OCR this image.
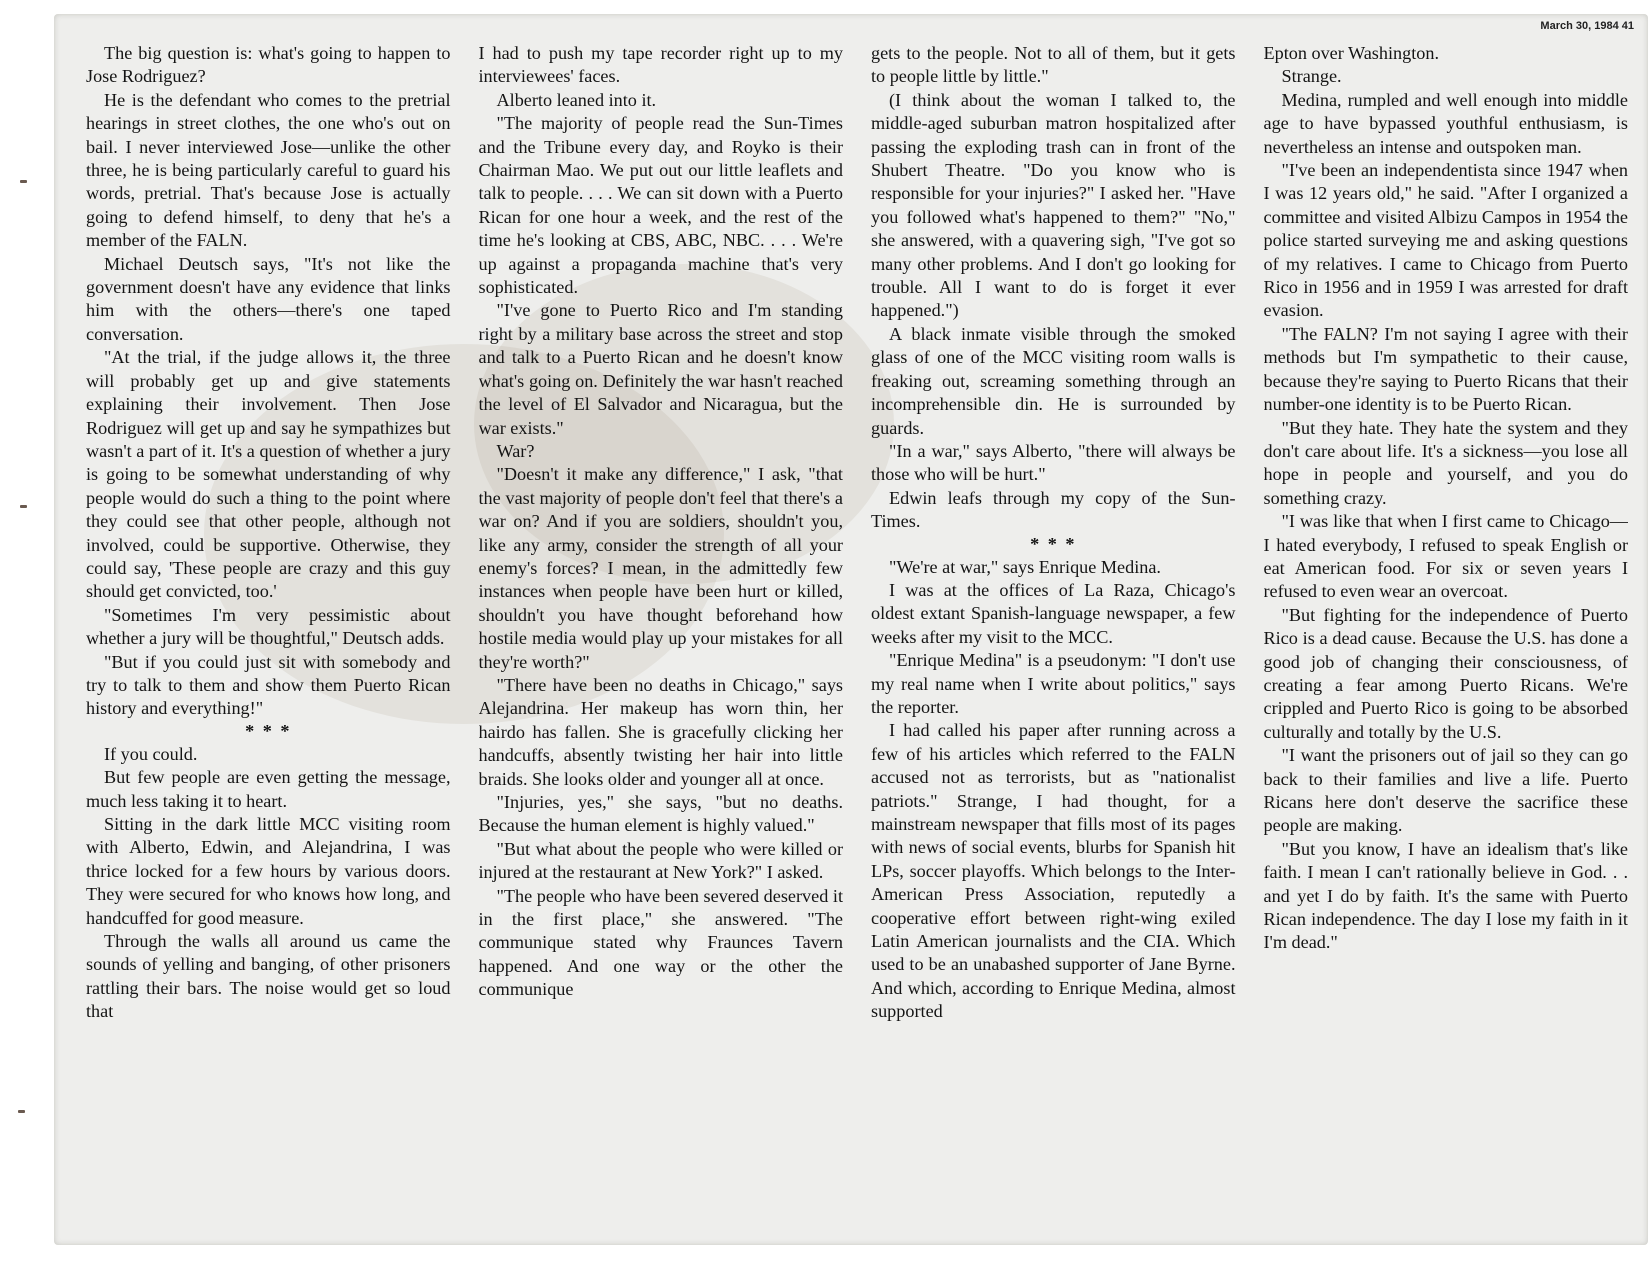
March 30, 1984 41

The big question is: what's going to happen to Jose Rodriguez?

He is the defendant who comes to the pretrial hearings in street clothes, the one who's out on bail. I never interviewed Jose—unlike the other three, he is being particularly careful to guard his words, pretrial. That's because Jose is actually going to defend himself, to deny that he's a member of the FALN.

Michael Deutsch says, "It's not like the government doesn't have any evidence that links him with the others—there's one taped conversation.

"At the trial, if the judge allows it, the three will probably get up and give statements explaining their involvement. Then Jose Rodriguez will get up and say he sympathizes but wasn't a part of it. It's a question of whether a jury is going to be somewhat understanding of why people would do such a thing to the point where they could see that other people, although not involved, could be supportive. Otherwise, they could say, 'These people are crazy and this guy should get convicted, too.'

"Sometimes I'm very pessimistic about whether a jury will be thoughtful," Deutsch adds.

"But if you could just sit with somebody and try to talk to them and show them Puerto Rican history and everything!"

* * *

If you could.

But few people are even getting the message, much less taking it to heart.

Sitting in the dark little MCC visiting room with Alberto, Edwin, and Alejandrina, I was thrice locked for a few hours by various doors. They were secured for who knows how long, and handcuffed for good measure.

Through the walls all around us came the sounds of yelling and banging, of other prisoners rattling their bars. The noise would get so loud that

I had to push my tape recorder right up to my interviewees' faces.

Alberto leaned into it.

"The majority of people read the Sun-Times and the Tribune every day, and Royko is their Chairman Mao. We put out our little leaflets and talk to people. . . . We can sit down with a Puerto Rican for one hour a week, and the rest of the time he's looking at CBS, ABC, NBC. . . . We're up against a propaganda machine that's very sophisticated.

"I've gone to Puerto Rico and I'm standing right by a military base across the street and stop and talk to a Puerto Rican and he doesn't know what's going on. Definitely the war hasn't reached the level of El Salvador and Nicaragua, but the war exists."

War?

"Doesn't it make any difference," I ask, "that the vast majority of people don't feel that there's a war on? And if you are soldiers, shouldn't you, like any army, consider the strength of all your enemy's forces? I mean, in the admittedly few instances when people have been hurt or killed, shouldn't you have thought beforehand how hostile media would play up your mistakes for all they're worth?"

"There have been no deaths in Chicago," says Alejandrina. Her makeup has worn thin, her hairdo has fallen. She is gracefully clicking her handcuffs, absently twisting her hair into little braids. She looks older and younger all at once.

"Injuries, yes," she says, "but no deaths. Because the human element is highly valued."

"But what about the people who were killed or injured at the restaurant at New York?" I asked.

"The people who have been severed deserved it in the first place," she answered. "The communique stated why Fraunces Tavern happened. And one way or the other the communique

gets to the people. Not to all of them, but it gets to people little by little."

(I think about the woman I talked to, the middle-aged suburban matron hospitalized after passing the exploding trash can in front of the Shubert Theatre. "Do you know who is responsible for your injuries?" I asked her. "Have you followed what's happened to them?" "No," she answered, with a quavering sigh, "I've got so many other problems. And I don't go looking for trouble. All I want to do is forget it ever happened.")

A black inmate visible through the smoked glass of one of the MCC visiting room walls is freaking out, screaming something through an incomprehensible din. He is surrounded by guards.

"In a war," says Alberto, "there will always be those who will be hurt."

Edwin leafs through my copy of the Sun-Times.

* * *

"We're at war," says Enrique Medina.

I was at the offices of La Raza, Chicago's oldest extant Spanish-language newspaper, a few weeks after my visit to the MCC.

"Enrique Medina" is a pseudonym: "I don't use my real name when I write about politics," says the reporter.

I had called his paper after running across a few of his articles which referred to the FALN accused not as terrorists, but as "nationalist patriots." Strange, I had thought, for a mainstream newspaper that fills most of its pages with news of social events, blurbs for Spanish hit LPs, soccer playoffs. Which belongs to the Inter-American Press Association, reputedly a cooperative effort between right-wing exiled Latin American journalists and the CIA. Which used to be an unabashed supporter of Jane Byrne. And which, according to Enrique Medina, almost supported

Epton over Washington.

Strange.

Medina, rumpled and well enough into middle age to have bypassed youthful enthusiasm, is nevertheless an intense and outspoken man.

"I've been an independentista since 1947 when I was 12 years old," he said. "After I organized a committee and visited Albizu Campos in 1954 the police started surveying me and asking questions of my relatives. I came to Chicago from Puerto Rico in 1956 and in 1959 I was arrested for draft evasion.

"The FALN? I'm not saying I agree with their methods but I'm sympathetic to their cause, because they're saying to Puerto Ricans that their number-one identity is to be Puerto Rican.

"But they hate. They hate the system and they don't care about life. It's a sickness—you lose all hope in people and yourself, and you do something crazy.

"I was like that when I first came to Chicago—I hated everybody, I refused to speak English or eat American food. For six or seven years I refused to even wear an overcoat.

"But fighting for the independence of Puerto Rico is a dead cause. Because the U.S. has done a good job of changing their consciousness, of creating a fear among Puerto Ricans. We're crippled and Puerto Rico is going to be absorbed culturally and totally by the U.S.

"I want the prisoners out of jail so they can go back to their families and live a life. Puerto Ricans here don't deserve the sacrifice these people are making.

"But you know, I have an idealism that's like faith. I mean I can't rationally believe in God. . . and yet I do by faith. It's the same with Puerto Rican independence. The day I lose my faith in it I'm dead."
